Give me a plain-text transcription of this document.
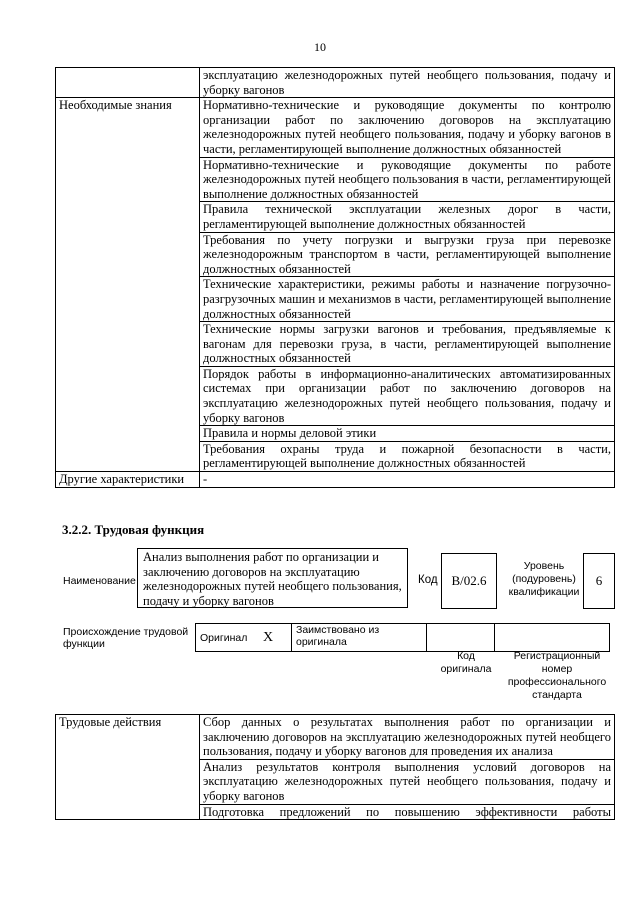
10
	эксплуатацию железнодорожных путей необщего пользования, подачу и уборку вагонов
Необходимые знания	Нормативно-технические и руководящие документы по контролю организации работ по заключению договоров на эксплуатацию железнодорожных путей необщего пользования, подачу и уборку вагонов в части, регламентирующей выполнение должностных обязанностей
	Нормативно-технические и руководящие документы по работе железнодорожных путей необщего пользования в части, регламентирующей выполнение должностных обязанностей
	Правила технической эксплуатации железных дорог в части, регламентирующей выполнение должностных обязанностей
	Требования по учету погрузки и выгрузки груза при перевозке железнодорожным транспортом в части, регламентирующей выполнение должностных обязанностей
	Технические характеристики, режимы работы и назначение погрузочно-разгрузочных машин и механизмов в части, регламентирующей выполнение должностных обязанностей
	Технические нормы загрузки вагонов и требования, предъявляемые к вагонам для перевозки груза, в части, регламентирующей выполнение должностных обязанностей
	Порядок работы в информационно-аналитических автоматизированных системах при организации работ по заключению договоров на эксплуатацию железнодорожных путей необщего пользования, подачу и уборку вагонов
	Правила и нормы деловой этики
	Требования охраны труда и пожарной безопасности в части, регламентирующей выполнение должностных обязанностей
Другие характеристики	-
3.2.2. Трудовая функция
Наименование
Анализ выполнения работ по организации и заключению договоров на эксплуатацию железнодорожных путей необщего пользования, подачу и уборку вагонов
Код	В/02.6
Уровень (подуровень) квалификации
6
Происхождение трудовой функции
Оригинал	X	Заимствовано из оригинала		
Код оригинала
Регистрационный номер профессионального стандарта
Трудовые действия	Сбор данных о результатах выполнения работ по организации и заключению договоров на эксплуатацию железнодорожных путей необщего пользования, подачу и уборку вагонов для проведения их анализа
Анализ результатов контроля выполнения условий договоров на эксплуатацию железнодорожных путей необщего пользования, подачу и уборку вагонов
Подготовка предложений по повышению эффективности работы
